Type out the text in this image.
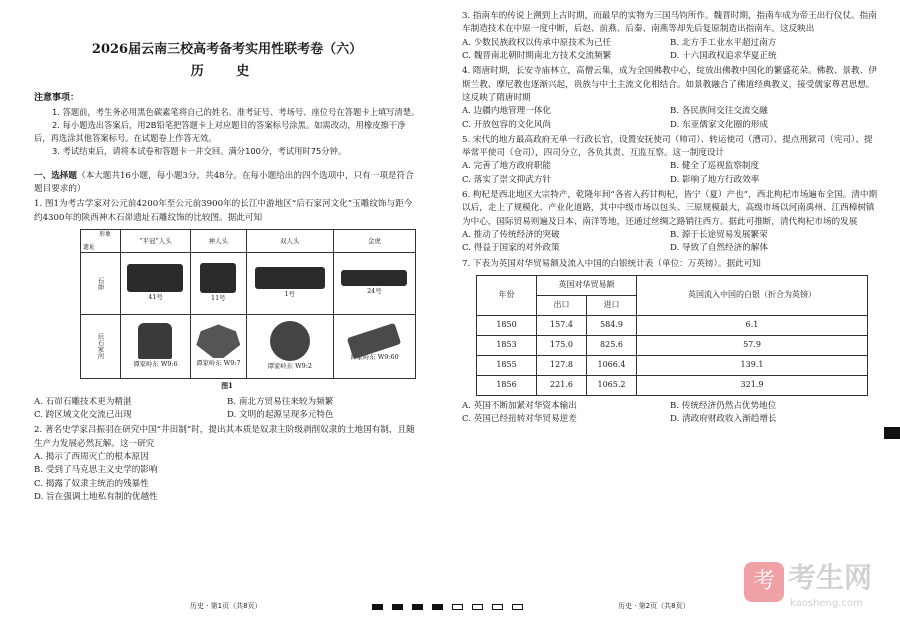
2026届云南三校高考备考实用性联考卷（六）
历 史
注意事项：

1. 答题前，考生务必用黑色碳素笔将自己的姓名、准考证号、考场号、座位号在答题卡上填写清楚。

2. 每小题选出答案后，用2B铅笔把答题卡上对应题目的答案标号涂黑。如需改动，用橡皮擦干净后，再选涂其他答案标号。在试题卷上作答无效。

3. 考试结束后，请将本试卷和答题卡一并交回。满分100分，考试用时75分钟。

一、选择题（本大题共16小题，每小题3分，共48分。在每小题给出的四个选项中，只有一项是符合题目要求的）
1. 图1为考古学家对公元前4200年至公元前3900年的长江中游地区“后石家河文化”玉雕纹饰与距今约4300年的陕西神木石峁遗址石雕纹饰的比较图。据此可知
形象
遗址	“平冠”人头	神人头	双人头	金虎
石峁	41号	11号	1号	24号

后石家河	谭家岭东 W9:6	谭家岭东 W9:7	谭家岭东 W9:2	谭家岭东 W9:60
图1
A. 石峁石雕技术更为精湛	B. 南北方贸易往来较为频繁
C. 跨区域文化交流已出现	D. 文明的起源呈现多元特色
2. 著名史学家吕振羽在研究中国“井田制”时，提出其本质是奴隶主阶级剥削奴隶的土地国有制，且随生产力发展必然瓦解。这一研究
A. 揭示了西周灭亡的根本原因
B. 受到了马克思主义史学的影响
C. 揭露了奴隶主统治的残暴性
D. 旨在强调土地私有制的优越性
历史 · 第1页（共8页）
3. 指南车的传说上溯到上古时期，而最早的实物为三国马钧所作。魏晋时期，指南车成为帝王出行仪仗。指南车制造技术在中原一度中断，后赵、前燕、后秦、南燕等却先后复原制造出指南车。这反映出
A. 少数民族政权以传承中原技术为己任	B. 北方手工业水平超过南方
C. 魏晋南北朝时期南北方技术交流频繁	D. 十六国政权追求华夏正统
4. 隋唐时期，长安寺庙林立，高僧云集，成为全国佛教中心，绽放出佛教中国化的繁盛花朵。佛教、景教、伊斯兰教、摩尼教也逐渐兴起，贵族与中土主流文化相结合。如景教融合了佛道经典教义，接受儒家尊君思想。这反映了隋唐时期
A. 边疆内地管理一体化	B. 各民族间交往交流交融
C. 开放包容的文化风尚	D. 东亚儒家文化圈的形成
5. 宋代的地方最高政府无单一行政长官，设置安抚使司（帅司）、转运使司（漕司）、提点刑狱司（宪司）、提举常平使司（仓司），四司分立，各负其责、互监互察。这一制度设计
A. 完善了地方政府职能	B. 健全了巡视监察制度
C. 落实了崇文抑武方针	D. 影响了地方行政效率
6. 枸杞是西北地区大宗特产，乾隆年间“各省入药甘枸杞，皆宁（夏）产也”，西北枸杞市场遍布全国。清中期以后，走上了规模化、产业化道路，其中中级市场以包头、三原规模最大，高级市场以河南禹州、江西樟树镇为中心，国际贸易则遍及日本、南洋等地，还通过丝绸之路销往西方。据此可推断，清代枸杞市场的发展
A. 推动了传统经济的突破	B. 源于长途贸易发展繁荣
C. 得益于国家的对外政策	D. 导致了自然经济的解体
7. 下表为英国对华贸易额及流入中国的白银统计表（单位：万英镑）。据此可知
年份	英国对华贸易额		英国流入中国的白银（折合为英镑）
	出口	进口	
1850	157.4	584.9	6.1
1853	175.0	825.6	57.9
1855	127.8	1066.4	139.1
1856	221.6	1065.2	321.9
A. 英国不断加紧对华资本输出	B. 传统经济仍然占优势地位
C. 英国已经扭转对华贸易逆差	D. 清政府财政收入渐趋增长
历史 · 第2页（共8页）
考 考生网
kaosheng.com
